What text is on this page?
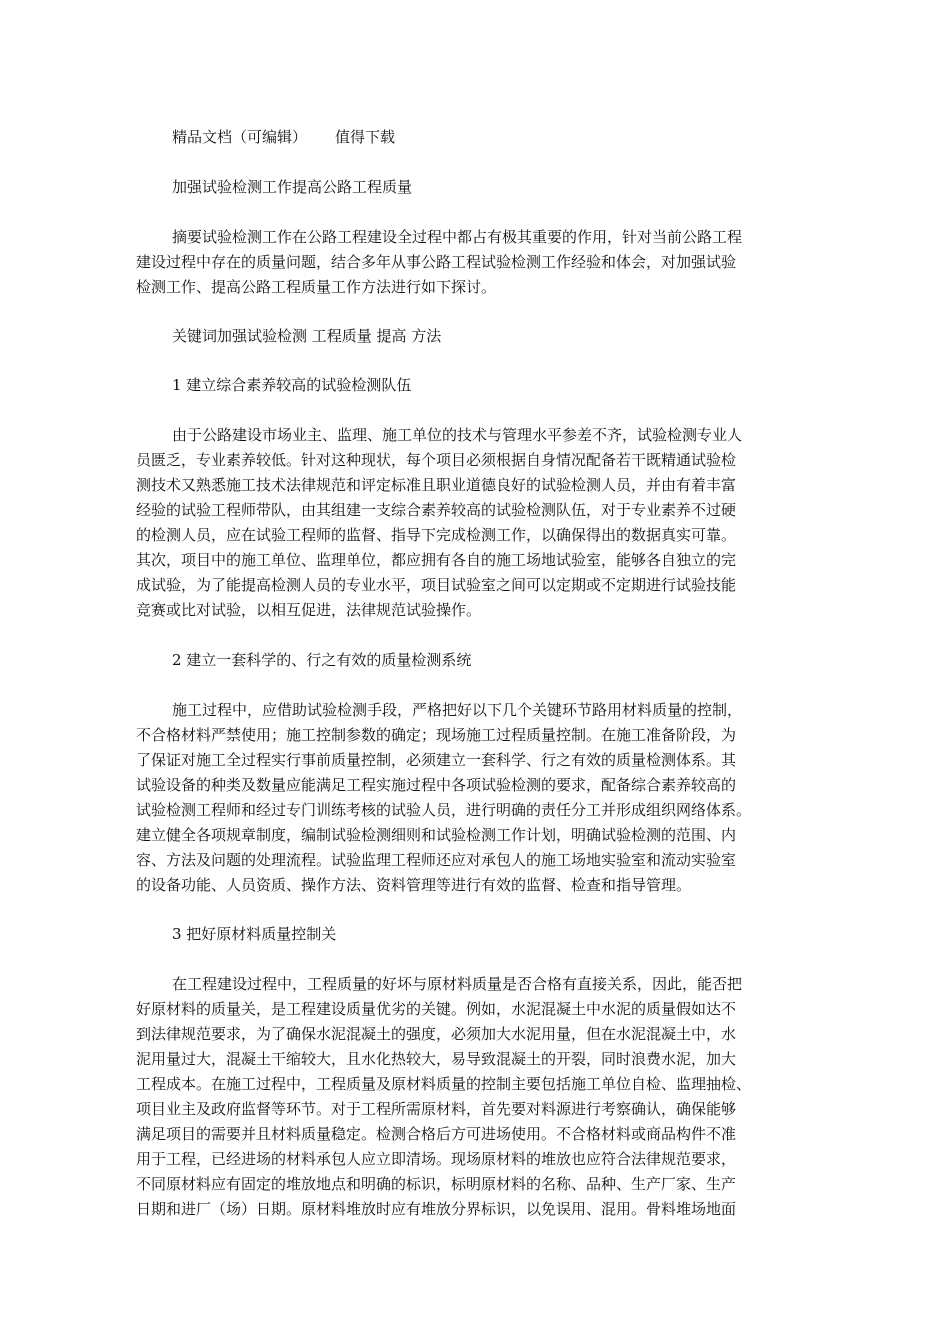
精品文档（可编辑） 值得下载
加强试验检测工作提高公路工程质量
摘要试验检测工作在公路工程建设全过程中都占有极其重要的作用，针对当前公路工程
建设过程中存在的质量问题，结合多年从事公路工程试验检测工作经验和体会，对加强试验
检测工作、提高公路工程质量工作方法进行如下探讨。
关键词加强试验检测 工程质量 提高 方法
1 建立综合素养较高的试验检测队伍
由于公路建设市场业主、监理、施工单位的技术与管理水平参差不齐，试验检测专业人
员匮乏，专业素养较低。针对这种现状，每个项目必须根据自身情况配备若干既精通试验检
测技术又熟悉施工技术法律规范和评定标准且职业道德良好的试验检测人员，并由有着丰富
经验的试验工程师带队，由其组建一支综合素养较高的试验检测队伍，对于专业素养不过硬
的检测人员，应在试验工程师的监督、指导下完成检测工作，以确保得出的数据真实可靠。
其次，项目中的施工单位、监理单位，都应拥有各自的施工场地试验室，能够各自独立的完
成试验，为了能提高检测人员的专业水平，项目试验室之间可以定期或不定期进行试验技能
竞赛或比对试验，以相互促进，法律规范试验操作。
2 建立一套科学的、行之有效的质量检测系统
施工过程中，应借助试验检测手段，严格把好以下几个关键环节路用材料质量的控制，
不合格材料严禁使用；施工控制参数的确定；现场施工过程质量控制。在施工准备阶段，为
了保证对施工全过程实行事前质量控制，必须建立一套科学、行之有效的质量检测体系。其
试验设备的种类及数量应能满足工程实施过程中各项试验检测的要求，配备综合素养较高的
试验检测工程师和经过专门训练考核的试验人员，进行明确的责任分工并形成组织网络体系。
建立健全各项规章制度，编制试验检测细则和试验检测工作计划，明确试验检测的范围、内
容、方法及问题的处理流程。试验监理工程师还应对承包人的施工场地实验室和流动实验室
的设备功能、人员资质、操作方法、资料管理等进行有效的监督、检查和指导管理。
3 把好原材料质量控制关
在工程建设过程中，工程质量的好坏与原材料质量是否合格有直接关系，因此，能否把
好原材料的质量关，是工程建设质量优劣的关键。例如，水泥混凝土中水泥的质量假如达不
到法律规范要求，为了确保水泥混凝土的强度，必须加大水泥用量，但在水泥混凝土中，水
泥用量过大，混凝土干缩较大，且水化热较大，易导致混凝土的开裂，同时浪费水泥，加大
工程成本。在施工过程中，工程质量及原材料质量的控制主要包括施工单位自检、监理抽检、
项目业主及政府监督等环节。对于工程所需原材料，首先要对料源进行考察确认，确保能够
满足项目的需要并且材料质量稳定。检测合格后方可进场使用。不合格材料或商品构件不准
用于工程，已经进场的材料承包人应立即清场。现场原材料的堆放也应符合法律规范要求，
不同原材料应有固定的堆放地点和明确的标识，标明原材料的名称、品种、生产厂家、生产
日期和进厂（场）日期。原材料堆放时应有堆放分界标识，以免误用、混用。骨料堆场地面
